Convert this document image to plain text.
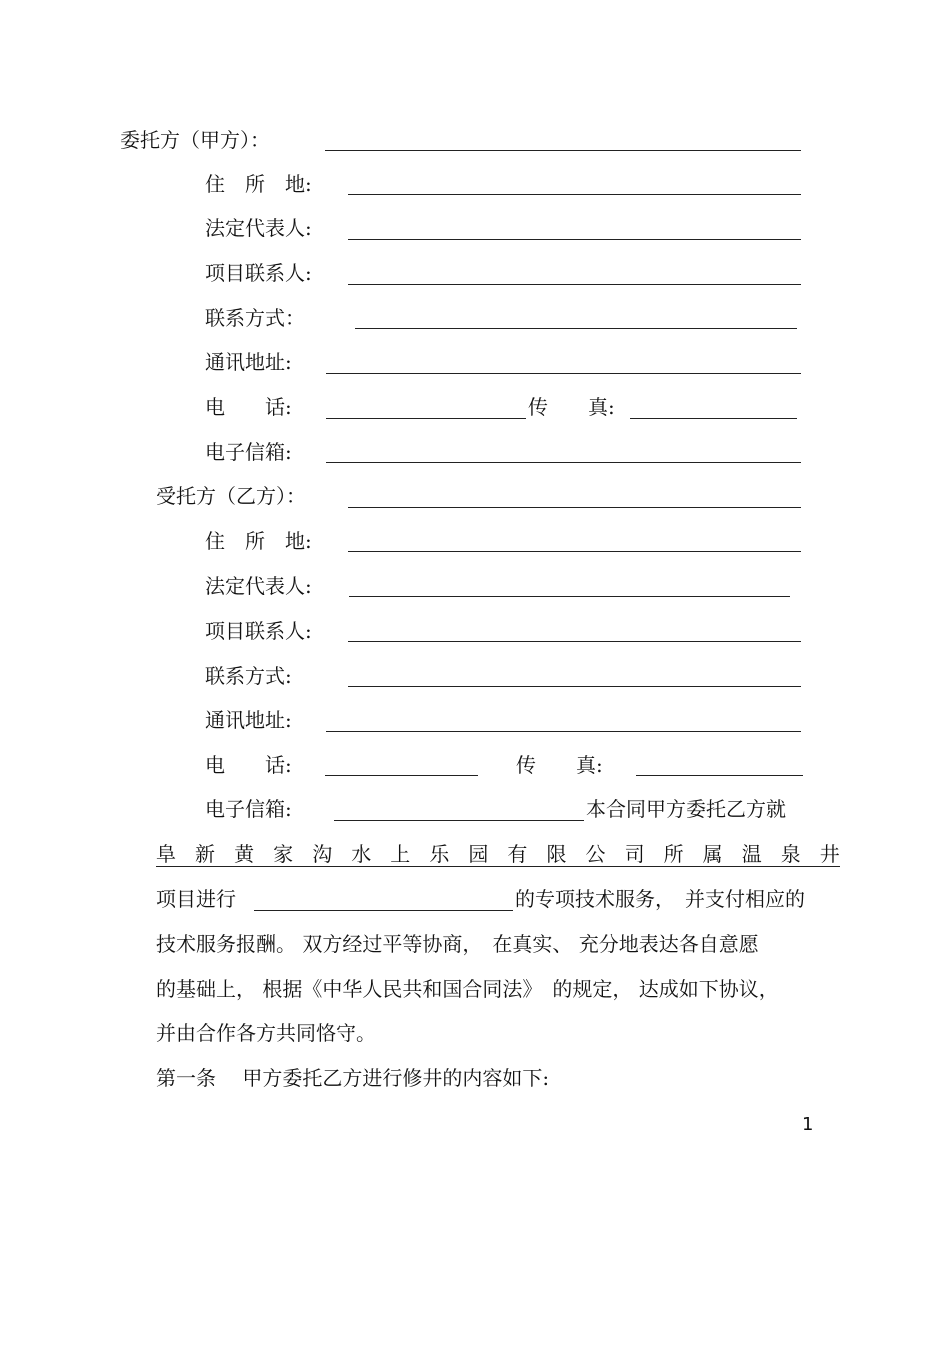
委托方（甲方）：
住　所　地:
法定代表人:
项目联系人:
联系方式：
通讯地址:
电　　话:	传　　真:
电子信箱:
受托方（乙方）：
住　所　地:
法定代表人:
项目联系人:
联系方式:
通讯地址:
电　　话:	传　　真:
电子信箱:	本合同甲方委托乙方就
阜 新 黄 家 沟 水 上 乐 园 有 限 公 司 所 属 温 泉 井
项目进行	的专项技术服务，　并支付相应的
技术服务报酬。 双方经过平等协商，　在真实、 充分地表达各自意愿
的基础上， 根据《中华人民共和国合同法》　的规定， 达成如下协议，
并由合作各方共同恪守。
第一条　 甲方委托乙方进行修井的内容如下:
1
